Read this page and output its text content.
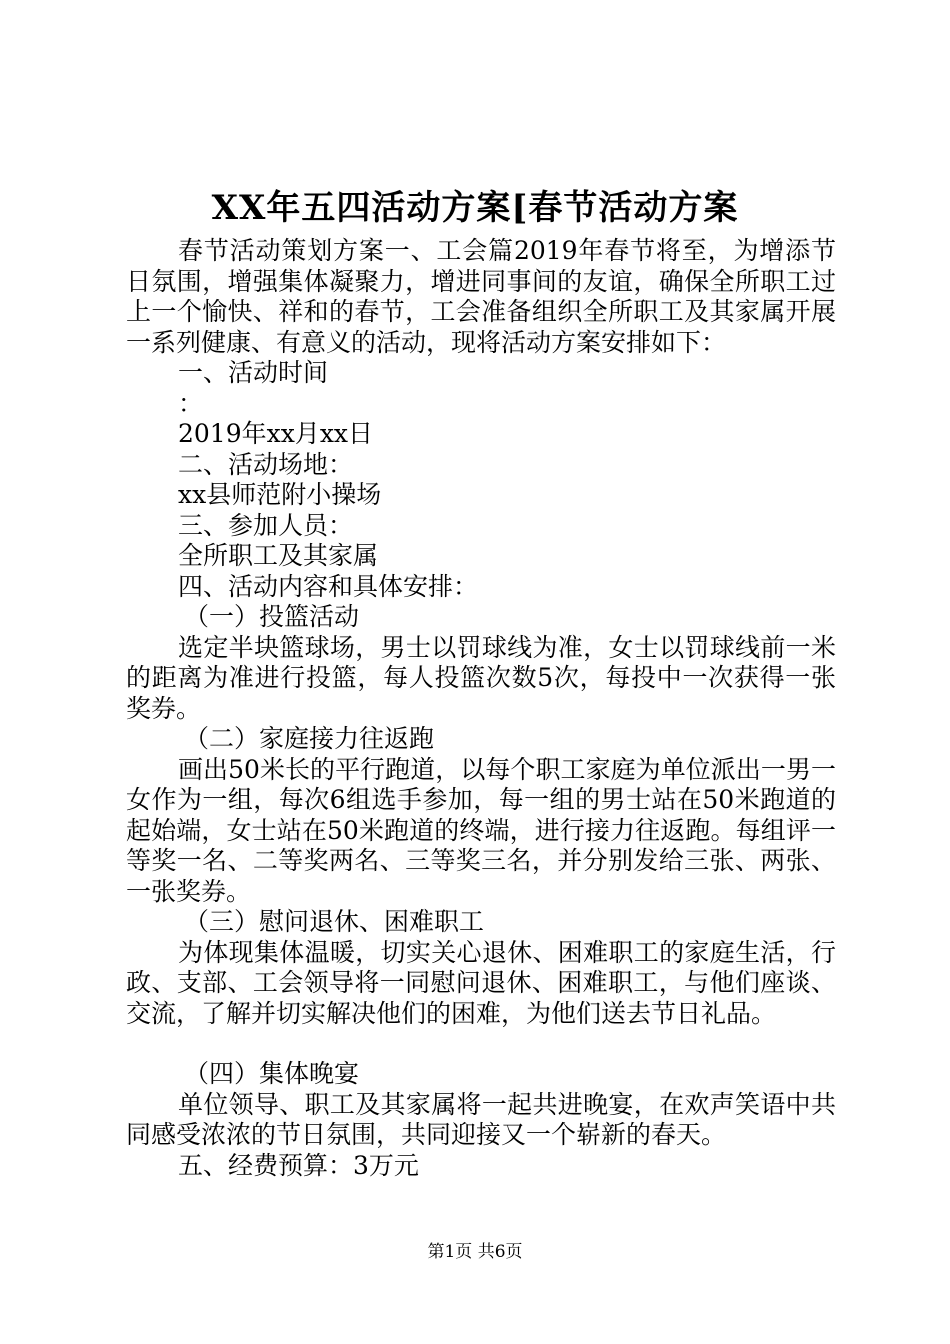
XX年五四活动方案[春节活动方案

春节活动策划方案一、工会篇2019年春节将至，为增添节日氛围，增强集体凝聚力，增进同事间的友谊，确保全所职工过上一个愉快、祥和的春节，工会准备组织全所职工及其家属开展一系列健康、有意义的活动，现将活动方案安排如下：

一、活动时间

：

2019年xx月xx日

二、活动场地：

xx县师范附小操场

三、参加人员：

全所职工及其家属

四、活动内容和具体安排：

（一）投篮活动

选定半块篮球场，男士以罚球线为准，女士以罚球线前一米的距离为准进行投篮，每人投篮次数5次，每投中一次获得一张奖券。

（二）家庭接力往返跑

画出50米长的平行跑道，以每个职工家庭为单位派出一男一女作为一组，每次6组选手参加，每一组的男士站在50米跑道的起始端，女士站在50米跑道的终端，进行接力往返跑。每组评一等奖一名、二等奖两名、三等奖三名，并分别发给三张、两张、一张奖券。

（三）慰问退休、困难职工

为体现集体温暖，切实关心退休、困难职工的家庭生活，行政、支部、工会领导将一同慰问退休、困难职工，与他们座谈、交流，了解并切实解决他们的困难，为他们送去节日礼品。

（四）集体晚宴

单位领导、职工及其家属将一起共进晚宴，在欢声笑语中共同感受浓浓的节日氛围，共同迎接又一个崭新的春天。

五、经费预算：3万元

第1页 共6页
